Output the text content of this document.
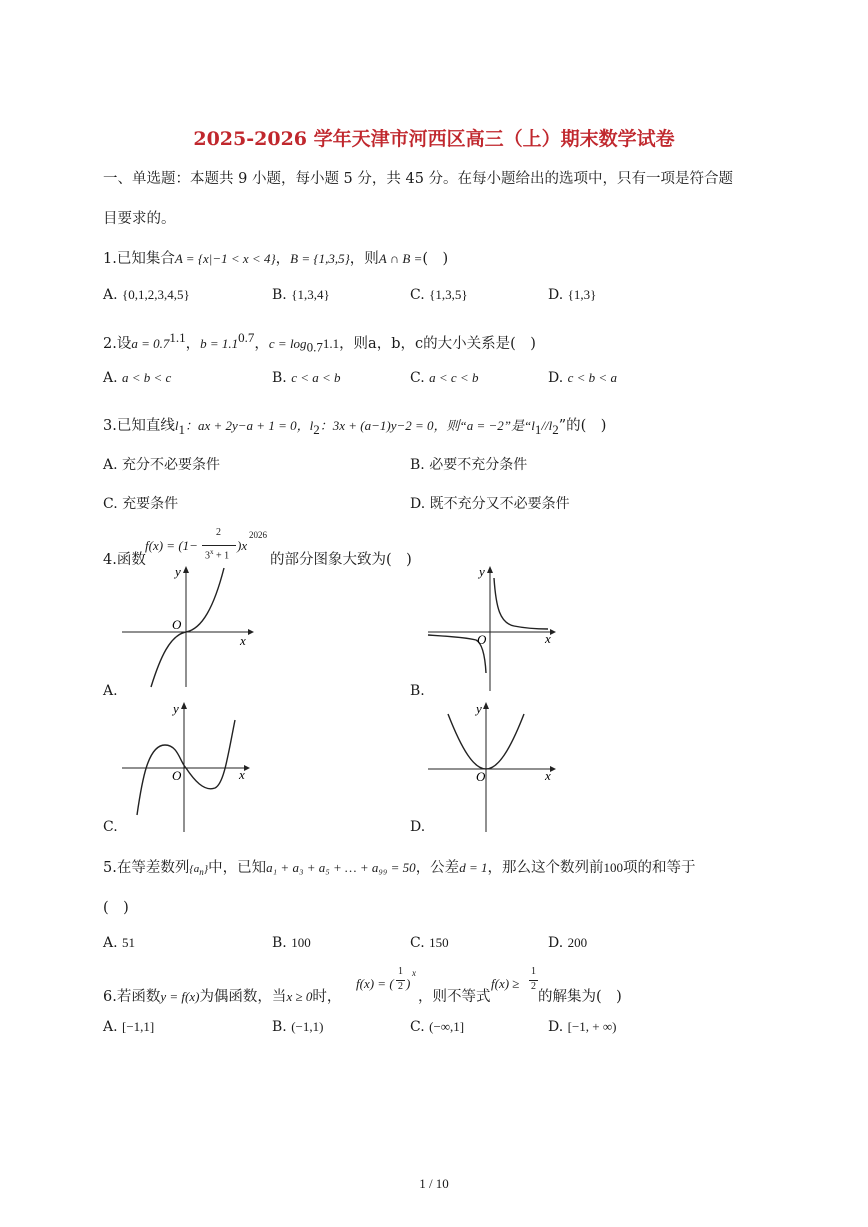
2025-2026 学年天津市河西区高三（上）期末数学试卷
一、单选题：本题共 9 小题，每小题 5 分，共 45 分。在每小题给出的选项中，只有一项是符合题
目要求的。
1.已知集合A = {x|−1 < x < 4}，B = {1,3,5}，则A ∩ B =(　)
A. {0,1,2,3,4,5}	B. {1,3,4}	C. {1,3,5}	D. {1,3}
2.设$a = 0.7^{1.1}$，$b = 1.1^{0.7}$，$c = \log_{0.7}1.1$，则a，b，c的大小关系是(　)
A. a < b < c	B. c < a < b	C. a < c < b	D. c < b < a
3.已知直线$l_1$：ax + 2y−a + 1 = 0，$l_2$：3x + (a−1)y−2 = 0，则“a = −2”是“$l_1//l_2$”的(　)
A. 充分不必要条件	B. 必要不充分条件
C. 充要条件	D. 既不充分又不必要条件
4.函数
f(x) = (1−
2
$3^x + 1$
)x
2026
的部分图象大致为(　)
y
x
O
A.
y
x
O
B.
y
x
O
C.
y
x
O
D.
5.在等差数列$\{a_n\}$中，已知a₁ + a₃ + a₅ + … + a₉₉ = 50，公差d = 1，那么这个数列前100项的和等于
(　)
A. 51	B. 100	C. 150	D. 200
6.若函数y = f(x)为偶函数，当x ≥ 0时，
f(x) = (
1
2 )
x
，则不等式
f(x) ≥
1
2
的解集为(　)
A. [−1,1]	B. (−1,1)	C. (−∞,1]	D. [−1, + ∞)
1 / 10
